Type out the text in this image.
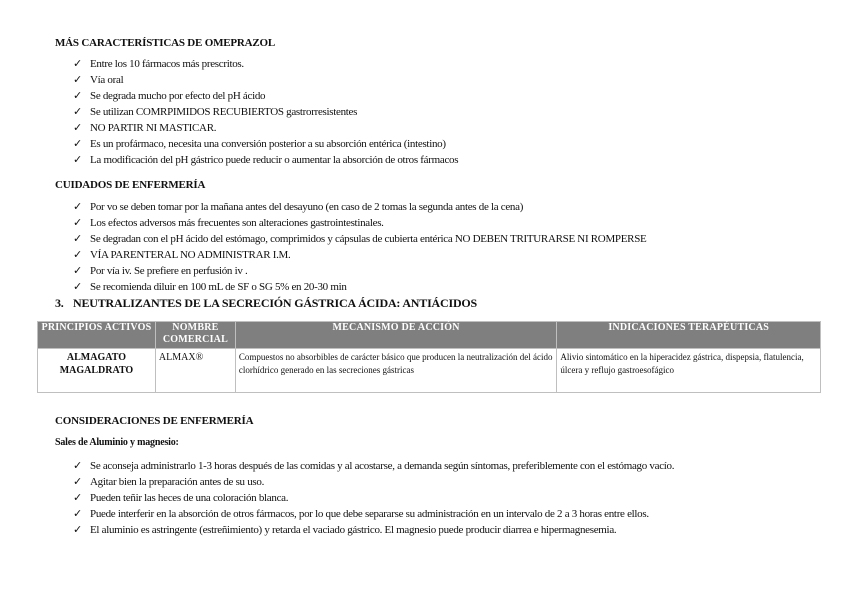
MÁS CARACTERÍSTICAS DE OMEPRAZOL
✓ Entre los 10 fármacos más prescritos.
✓ Vía oral
✓ Se degrada mucho por efecto del pH ácido
✓ Se utilizan COMRPIMIDOS RECUBIERTOS gastrorresistentes
✓ NO PARTIR NI MASTICAR.
✓ Es un profármaco, necesita una conversión posterior a su absorción entérica (intestino)
✓ La modificación del pH gástrico puede reducir o aumentar la absorción de otros fármacos
CUIDADOS DE ENFERMERÍA
✓ Por vo se deben tomar por la mañana antes del desayuno (en caso de 2 tomas la segunda antes de la cena)
✓ Los efectos adversos más frecuentes son alteraciones gastrointestinales.
✓ Se degradan con el pH ácido del estómago, comprimidos y cápsulas de cubierta entérica NO DEBEN TRITURARSE NI ROMPERSE
✓ VÍA PARENTERAL NO ADMINISTRAR I.M.
✓ Por vía iv. Se prefiere en perfusión iv .
✓ Se recomienda diluir en 100 mL de SF o SG 5% en 20-30 min
3. NEUTRALIZANTES DE LA SECRECIÓN GÁSTRICA ÁCIDA: ANTIÁCIDOS
PRINCIPIOS ACTIVOS	NOMBRE COMERCIAL	MECANISMO DE ACCIÓN	INDICACIONES TERAPÉUTICAS
ALMAGATO MAGALDRATO	ALMAX®	Compuestos no absorbibles de carácter básico que producen la neutralización del ácido clorhídrico generado en las secreciones gástricas	Alivio sintomático en la hiperacidez gástrica, dispepsia, flatulencia, úlcera y reflujo gastroesofágico
CONSIDERACIONES DE ENFERMERÍA
Sales de Aluminio y magnesio:
✓ Se aconseja administrarlo 1-3 horas después de las comidas y al acostarse, a demanda según síntomas, preferiblemente con el estómago vacío.
✓ Agitar bien la preparación antes de su uso.
✓ Pueden teñir las heces de una coloración blanca.
✓ Puede interferir en la absorción de otros fármacos, por lo que debe separarse su administración en un intervalo de 2 a 3 horas entre ellos.
✓ El aluminio es astringente (estreñimiento) y retarda el vaciado gástrico. El magnesio puede producir diarrea e hipermagnesemia.
